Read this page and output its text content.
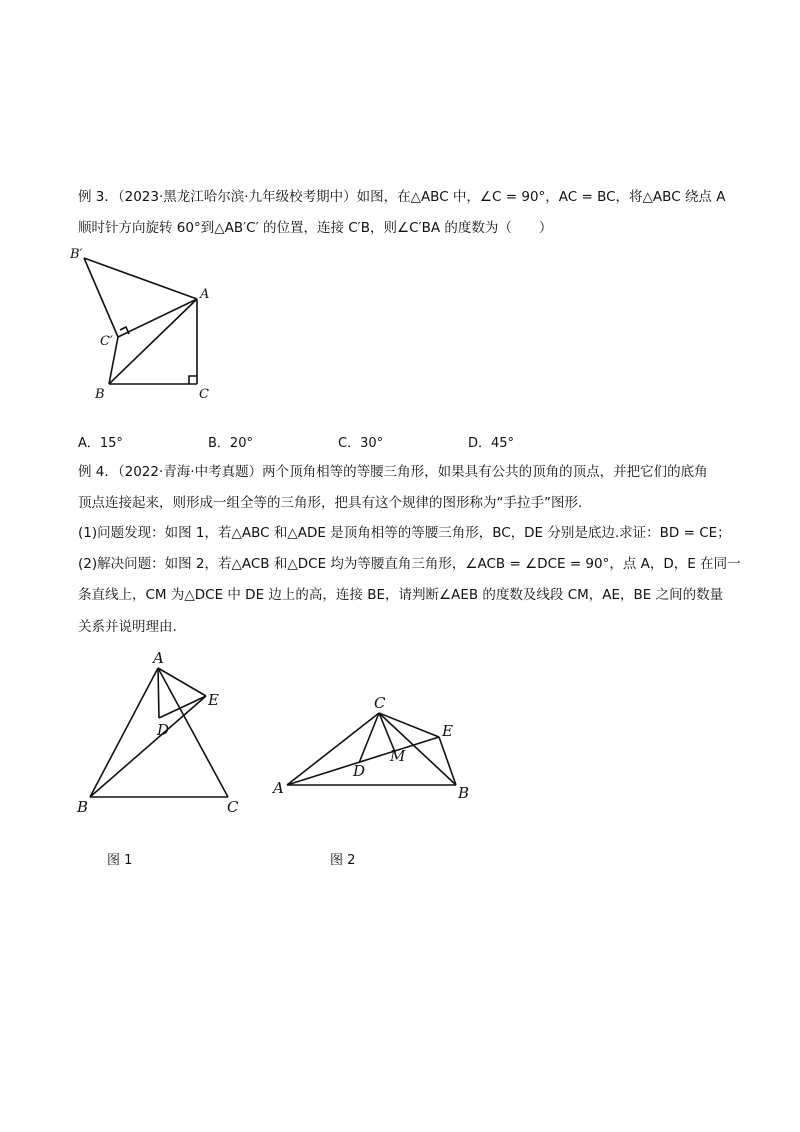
例 3．（2023·黑龙江哈尔滨·九年级校考期中）如图，在△ABC 中，∠C = 90°，AC = BC，将△ABC 绕点 A
顺时针方向旋转 60°到△AB′C′ 的位置，连接 C′B，则∠C′BA 的度数为（　　）
B′
A
C′
B	C
A．15°	B．20°	C．30°	D．45°
例 4．（2022·青海·中考真题）两个顶角相等的等腰三角形，如果具有公共的顶角的顶点，并把它们的底角
顶点连接起来，则形成一组全等的三角形，把具有这个规律的图形称为“手拉手”图形.
(1)问题发现：如图 1，若△ABC 和△ADE 是顶角相等的等腰三角形，BC，DE 分别是底边.求证：BD = CE；
(2)解决问题：如图 2，若△ACB 和△DCE 均为等腰直角三角形，∠ACB = ∠DCE = 90°，点 A，D，E 在同一
条直线上，CM 为△DCE 中 DE 边上的高，连接 BE，请判断∠AEB 的度数及线段 CM，AE，BE 之间的数量
关系并说明理由.
A
E
D
B	C
C
E
M
D
A	B
图 1	图 2
